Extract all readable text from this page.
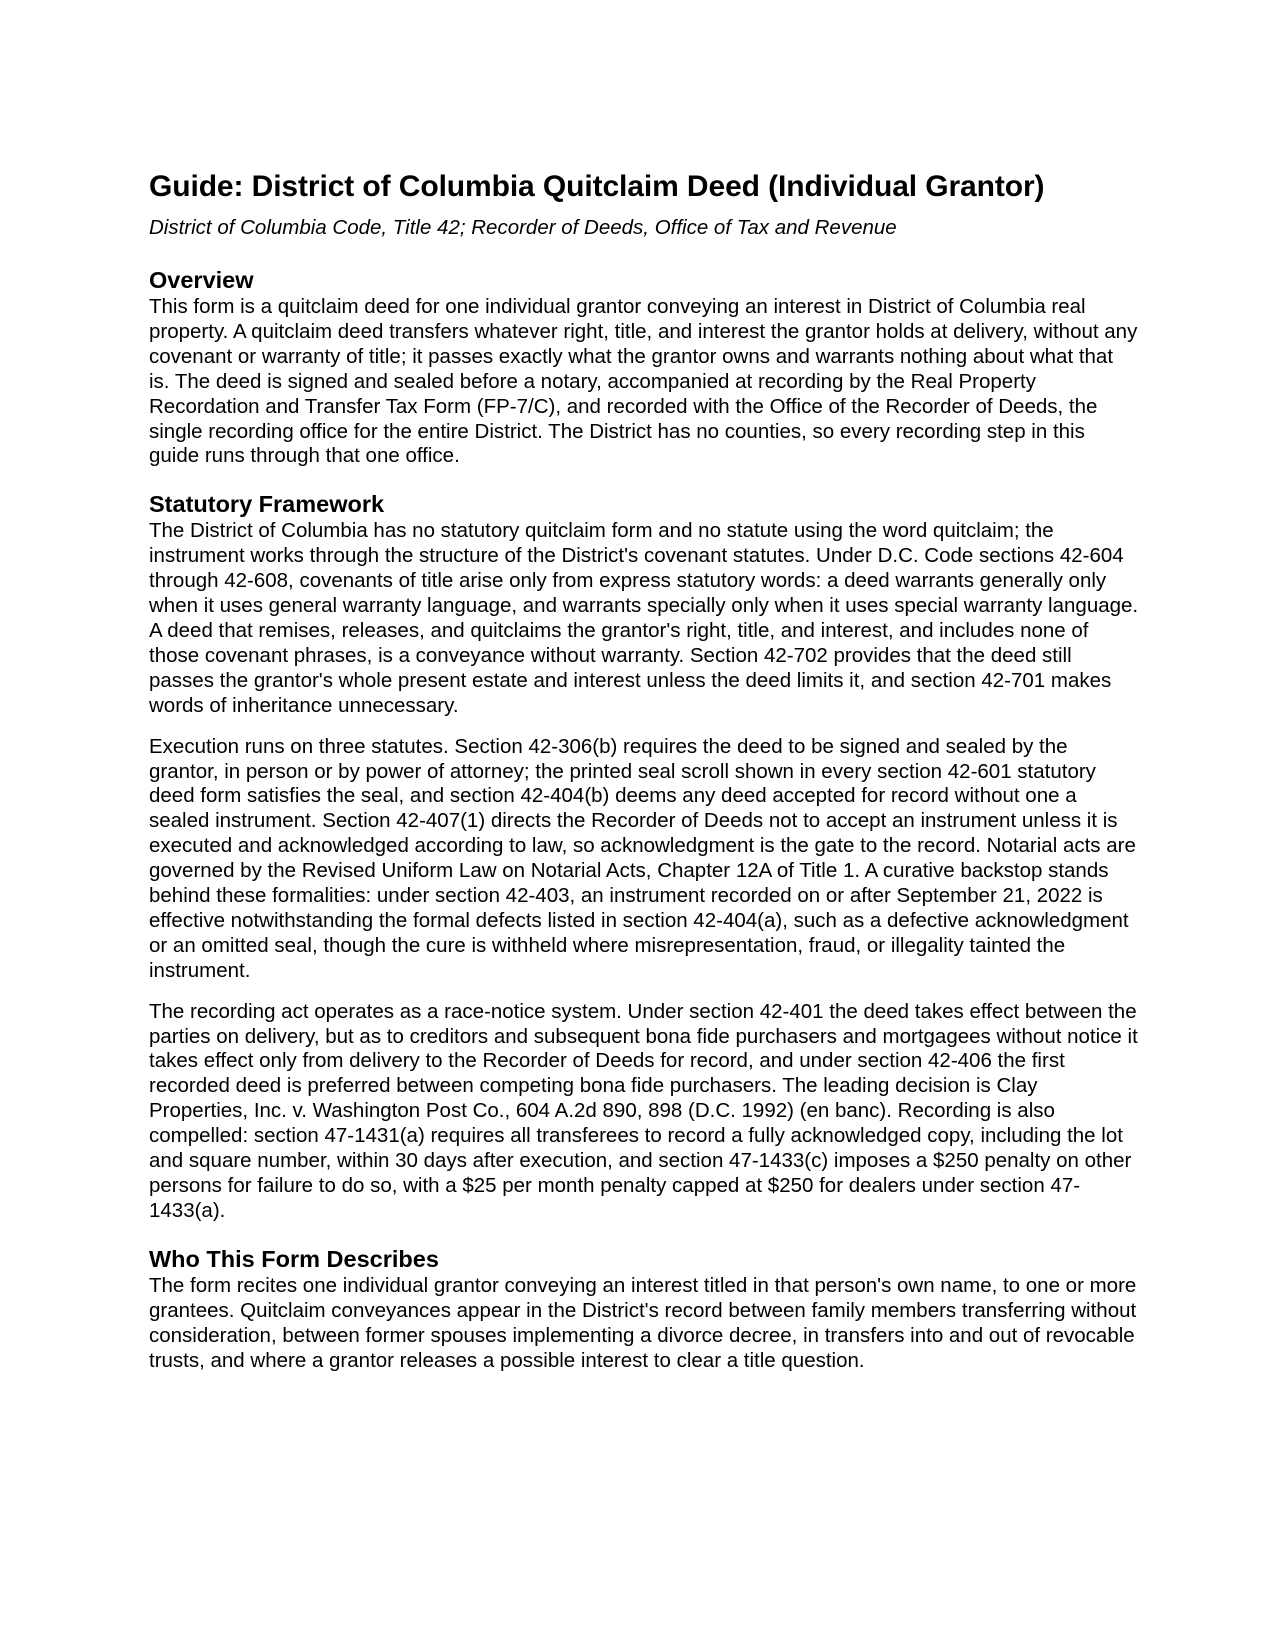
Guide: District of Columbia Quitclaim Deed (Individual Grantor)
District of Columbia Code, Title 42; Recorder of Deeds, Office of Tax and Revenue
Overview

This form is a quitclaim deed for one individual grantor conveying an interest in District of Columbia real property. A quitclaim deed transfers whatever right, title, and interest the grantor holds at delivery, without any covenant or warranty of title; it passes exactly what the grantor owns and warrants nothing about what that is. The deed is signed and sealed before a notary, accompanied at recording by the Real Property Recordation and Transfer Tax Form (FP-7/C), and recorded with the Office of the Recorder of Deeds, the single recording office for the entire District. The District has no counties, so every recording step in this guide runs through that one office.

Statutory Framework

The District of Columbia has no statutory quitclaim form and no statute using the word quitclaim; the instrument works through the structure of the District's covenant statutes. Under D.C. Code sections 42-604 through 42-608, covenants of title arise only from express statutory words: a deed warrants generally only when it uses general warranty language, and warrants specially only when it uses special warranty language. A deed that remises, releases, and quitclaims the grantor's right, title, and interest, and includes none of those covenant phrases, is a conveyance without warranty. Section 42-702 provides that the deed still passes the grantor's whole present estate and interest unless the deed limits it, and section 42-701 makes words of inheritance unnecessary.

Execution runs on three statutes. Section 42-306(b) requires the deed to be signed and sealed by the grantor, in person or by power of attorney; the printed seal scroll shown in every section 42-601 statutory deed form satisfies the seal, and section 42-404(b) deems any deed accepted for record without one a sealed instrument. Section 42-407(1) directs the Recorder of Deeds not to accept an instrument unless it is executed and acknowledged according to law, so acknowledgment is the gate to the record. Notarial acts are governed by the Revised Uniform Law on Notarial Acts, Chapter 12A of Title 1. A curative backstop stands behind these formalities: under section 42-403, an instrument recorded on or after September 21, 2022 is effective notwithstanding the formal defects listed in section 42-404(a), such as a defective acknowledgment or an omitted seal, though the cure is withheld where misrepresentation, fraud, or illegality tainted the instrument.

The recording act operates as a race-notice system. Under section 42-401 the deed takes effect between the parties on delivery, but as to creditors and subsequent bona fide purchasers and mortgagees without notice it takes effect only from delivery to the Recorder of Deeds for record, and under section 42-406 the first recorded deed is preferred between competing bona fide purchasers. The leading decision is Clay Properties, Inc. v. Washington Post Co., 604 A.2d 890, 898 (D.C. 1992) (en banc). Recording is also compelled: section 47-1431(a) requires all transferees to record a fully acknowledged copy, including the lot and square number, within 30 days after execution, and section 47-1433(c) imposes a $250 penalty on other persons for failure to do so, with a $25 per month penalty capped at $250 for dealers under section 47-1433(a).

Who This Form Describes

The form recites one individual grantor conveying an interest titled in that person's own name, to one or more grantees. Quitclaim conveyances appear in the District's record between family members transferring without consideration, between former spouses implementing a divorce decree, in transfers into and out of revocable trusts, and where a grantor releases a possible interest to clear a title question.
